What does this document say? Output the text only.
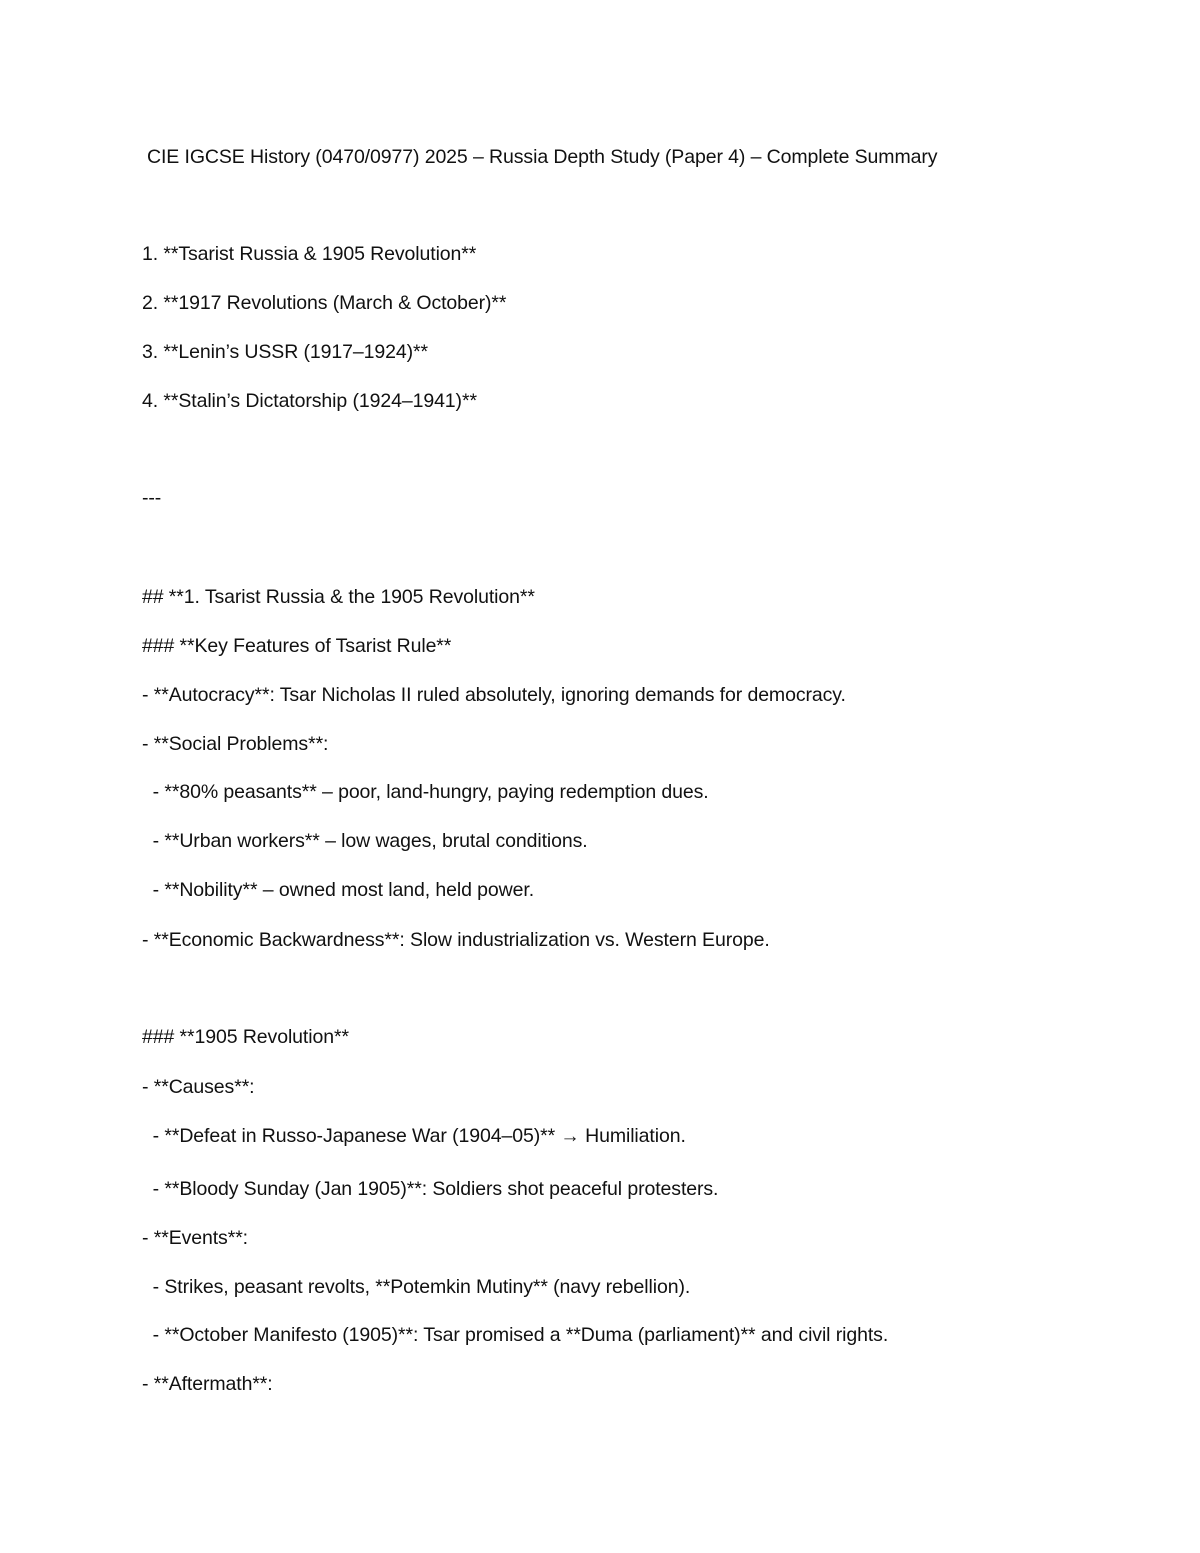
CIE IGCSE History (0470/0977) 2025 – Russia Depth Study (Paper 4) – Complete Summary
1. **Tsarist Russia & 1905 Revolution**
2. **1917 Revolutions (March & October)**
3. **Lenin’s USSR (1917–1924)**
4. **Stalin’s Dictatorship (1924–1941)**
---
## **1. Tsarist Russia & the 1905 Revolution**
### **Key Features of Tsarist Rule**
- **Autocracy**: Tsar Nicholas II ruled absolutely, ignoring demands for democracy.
- **Social Problems**:
- **80% peasants** – poor, land-hungry, paying redemption dues.
- **Urban workers** – low wages, brutal conditions.
- **Nobility** – owned most land, held power.
- **Economic Backwardness**: Slow industrialization vs. Western Europe.
### **1905 Revolution**
- **Causes**:
- **Defeat in Russo-Japanese War (1904–05)** → Humiliation.
- **Bloody Sunday (Jan 1905)**: Soldiers shot peaceful protesters.
- **Events**:
- Strikes, peasant revolts, **Potemkin Mutiny** (navy rebellion).
- **October Manifesto (1905)**: Tsar promised a **Duma (parliament)** and civil rights.
- **Aftermath**:
